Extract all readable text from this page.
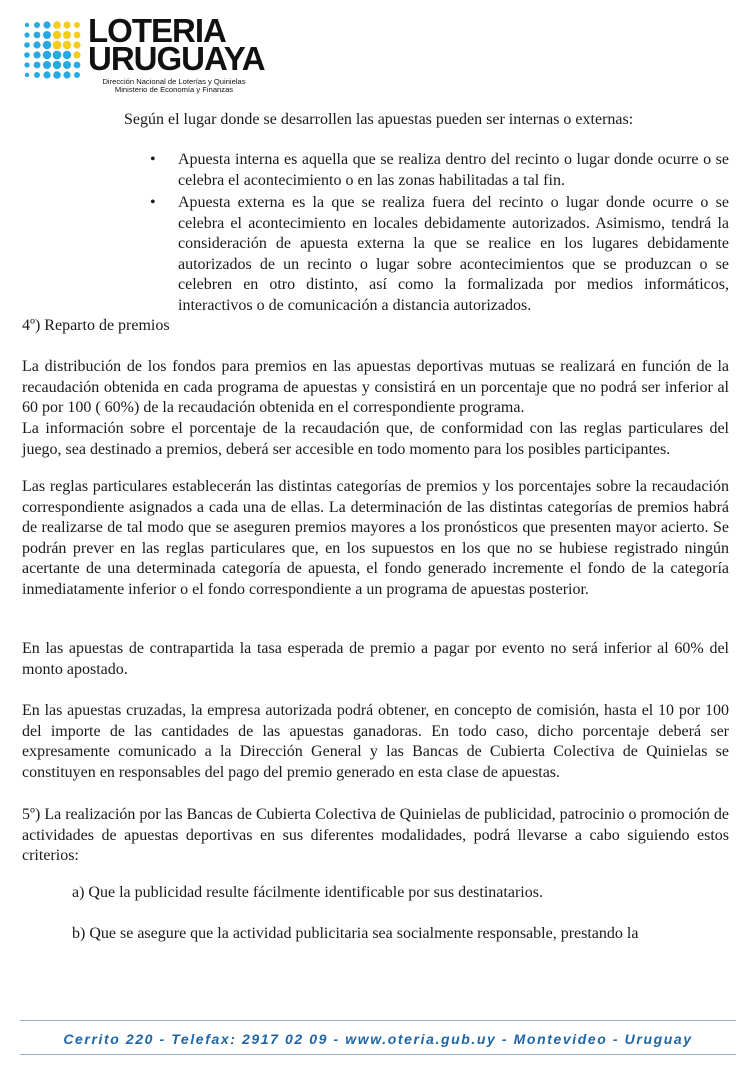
LOTERIA
URUGUAYA
Dirección Nacional de Loterías y Quinielas
Ministerio de Economía y Finanzas
Según el lugar donde se desarrollen las apuestas pueden ser internas o externas:
• Apuesta interna es aquella que se realiza dentro del recinto o lugar donde ocurre o se celebra el acontecimiento o en las zonas habilitadas a tal fin.
• Apuesta externa es la que se realiza fuera del recinto o lugar donde ocurre o se celebra el acontecimiento en locales debidamente autorizados. Asimismo, tendrá la consideración de apuesta externa la que se realice en los lugares debidamente autorizados de un recinto o lugar sobre acontecimientos que se produzcan o se celebren en otro distinto, así como la formalizada por medios informáticos, interactivos o de comunicación a distancia autorizados.
4º) Reparto de premios
La distribución de los fondos para premios en las apuestas deportivas mutuas se realizará en función de la recaudación obtenida en cada programa de apuestas y consistirá en un porcentaje que no podrá ser inferior al 60 por 100 ( 60%) de la recaudación obtenida en el correspondiente programa.
La información sobre el porcentaje de la recaudación que, de conformidad con las reglas particulares del juego, sea destinado a premios, deberá ser accesible en todo momento para los posibles participantes.
Las reglas particulares establecerán las distintas categorías de premios y los porcentajes sobre la recaudación correspondiente asignados a cada una de ellas. La determinación de las distintas categorías de premios habrá de realizarse de tal modo que se aseguren premios mayores a los pronósticos que presenten mayor acierto. Se podrán prever en las reglas particulares que, en los supuestos en los que no se hubiese registrado ningún acertante de una determinada categoría de apuesta, el fondo generado incremente el fondo de la categoría inmediatamente inferior o el fondo correspondiente a un programa de apuestas posterior.
En las apuestas de contrapartida la tasa esperada de premio a pagar por evento no será inferior al 60% del monto apostado.
En las apuestas cruzadas, la empresa autorizada podrá obtener, en concepto de comisión, hasta el 10 por 100 del importe de las cantidades de las apuestas ganadoras. En todo caso, dicho porcentaje deberá ser expresamente comunicado a la Dirección General y las Bancas de Cubierta Colectiva de Quinielas se constituyen en responsables del pago del premio generado en esta clase de apuestas.
5º) La realización por las Bancas de Cubierta Colectiva de Quinielas de publicidad, patrocinio o promoción de actividades de apuestas deportivas en sus diferentes modalidades, podrá llevarse a cabo siguiendo estos criterios:
a) Que la publicidad resulte fácilmente identificable por sus destinatarios.
b) Que se asegure que la actividad publicitaria sea socialmente responsable, prestando la
Cerrito 220 - Telefax: 2917 02 09 - www.oteria.gub.uy - Montevideo - Uruguay
